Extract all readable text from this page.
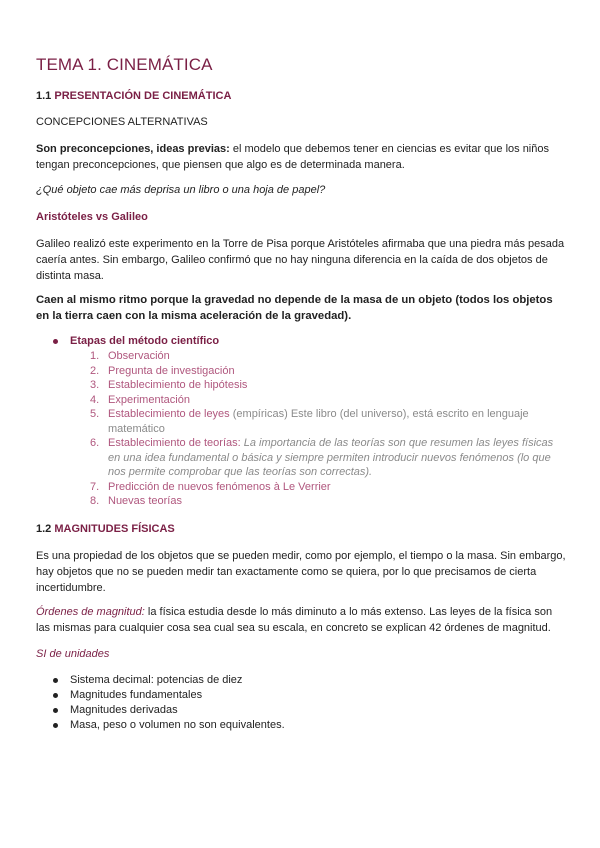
TEMA 1. CINEMÁTICA
1.1 PRESENTACIÓN DE CINEMÁTICA
CONCEPCIONES ALTERNATIVAS
Son preconcepciones, ideas previas: el modelo que debemos tener en ciencias es evitar que los niños tengan preconcepciones, que piensen que algo es de determinada manera.
¿Qué objeto cae más deprisa un libro o una hoja de papel?
Aristóteles vs Galileo
Galileo realizó este experimento en la Torre de Pisa porque Aristóteles afirmaba que una piedra más pesada caería antes. Sin embargo, Galileo confirmó que no hay ninguna diferencia en la caída de dos objetos de distinta masa.
Caen al mismo ritmo porque la gravedad no depende de la masa de un objeto (todos los objetos en la tierra caen con la misma aceleración de la gravedad).
Etapas del método científico
1. Observación
2. Pregunta de investigación
3. Establecimiento de hipótesis
4. Experimentación
5. Establecimiento de leyes (empíricas) Este libro (del universo), está escrito en lenguaje matemático
6. Establecimiento de teorías: La importancia de las teorías son que resumen las leyes físicas en una idea fundamental o básica y siempre permiten introducir nuevos fenómenos (lo que nos permite comprobar que las teorías son correctas).
7. Predicción de nuevos fenómenos à Le Verrier
8. Nuevas teorías
1.2 MAGNITUDES FÍSICAS
Es una propiedad de los objetos que se pueden medir, como por ejemplo, el tiempo o la masa. Sin embargo, hay objetos que no se pueden medir tan exactamente como se quiera, por lo que precisamos de cierta incertidumbre.
Órdenes de magnitud: la física estudia desde lo más diminuto a lo más extenso. Las leyes de la física son las mismas para cualquier cosa sea cual sea su escala, en concreto se explican 42 órdenes de magnitud.
SI de unidades
Sistema decimal: potencias de diez
Magnitudes fundamentales
Magnitudes derivadas
Masa, peso o volumen no son equivalentes.
